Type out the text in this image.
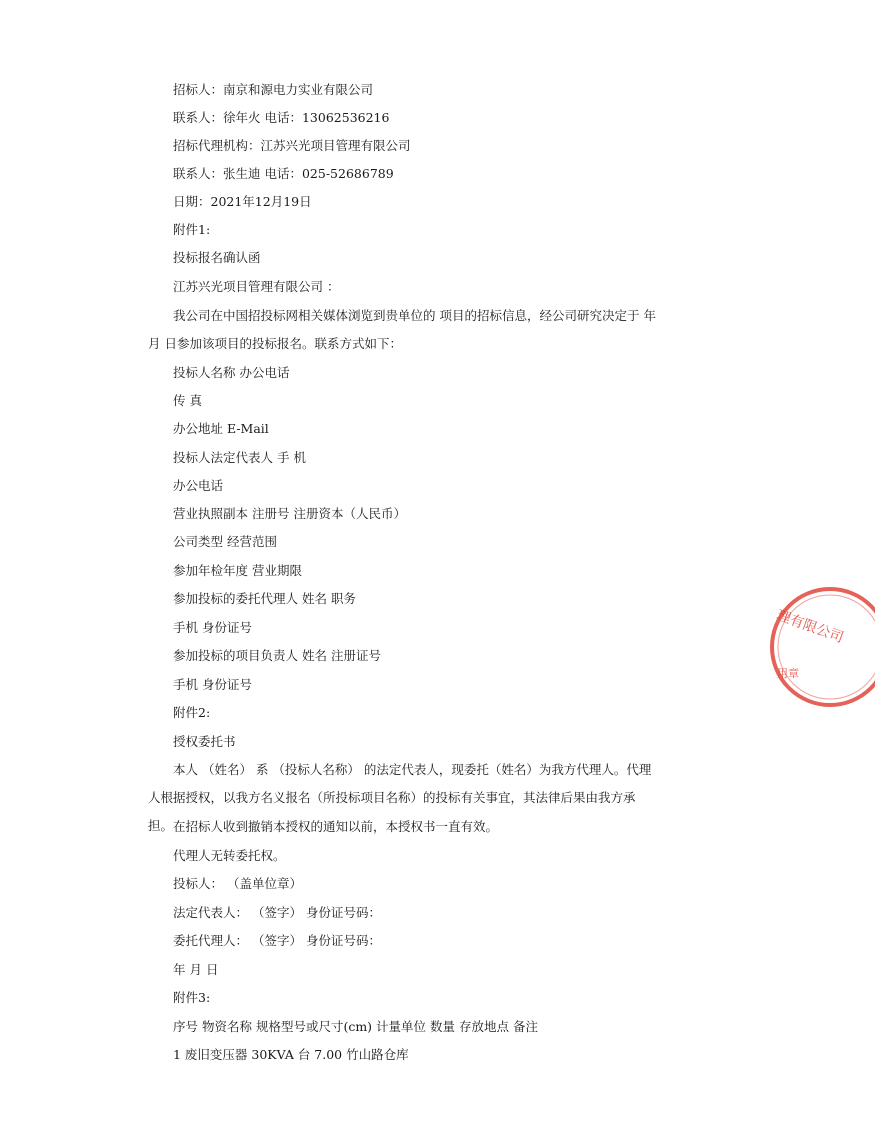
招标人：南京和源电力实业有限公司
联系人：徐年火 电话：13062536216
招标代理机构：江苏兴光项目管理有限公司
联系人：张生迪 电话：025-52686789
日期：2021年12月19日
附件1:
投标报名确认函
江苏兴光项目管理有限公司 ：
我公司在中国招投标网相关媒体浏览到贵单位的 项目的招标信息，经公司研究决定于 年 月 日参加该项目的投标报名。联系方式如下：
投标人名称 办公电话
传 真
办公地址 E-Mail
投标人法定代表人 手 机
办公电话
营业执照副本 注册号 注册资本（人民币）
公司类型 经营范围
参加年检年度 营业期限
参加投标的委托代理人 姓名 职务
手机 身份证号
参加投标的项目负责人 姓名 注册证号
手机 身份证号
附件2:
授权委托书
本人 （姓名） 系 （投标人名称） 的法定代表人，现委托（姓名）为我方代理人。代理人根据授权，以我方名义报名（所投标项目名称）的投标有关事宜，其法律后果由我方承担。 在招标人收到撤销本授权的通知以前，本授权书一直有效。
代理人无转委托权。
投标人： （盖单位章）
法定代表人： （签字） 身份证号码：
委托代理人： （签字） 身份证号码：
年 月 日
附件3:
序号 物资名称 规格型号或尺寸(cm) 计量单位 数量 存放地点 备注
1 废旧变压器 30KVA 台 7.00 竹山路仓库
理有限公司
用章
